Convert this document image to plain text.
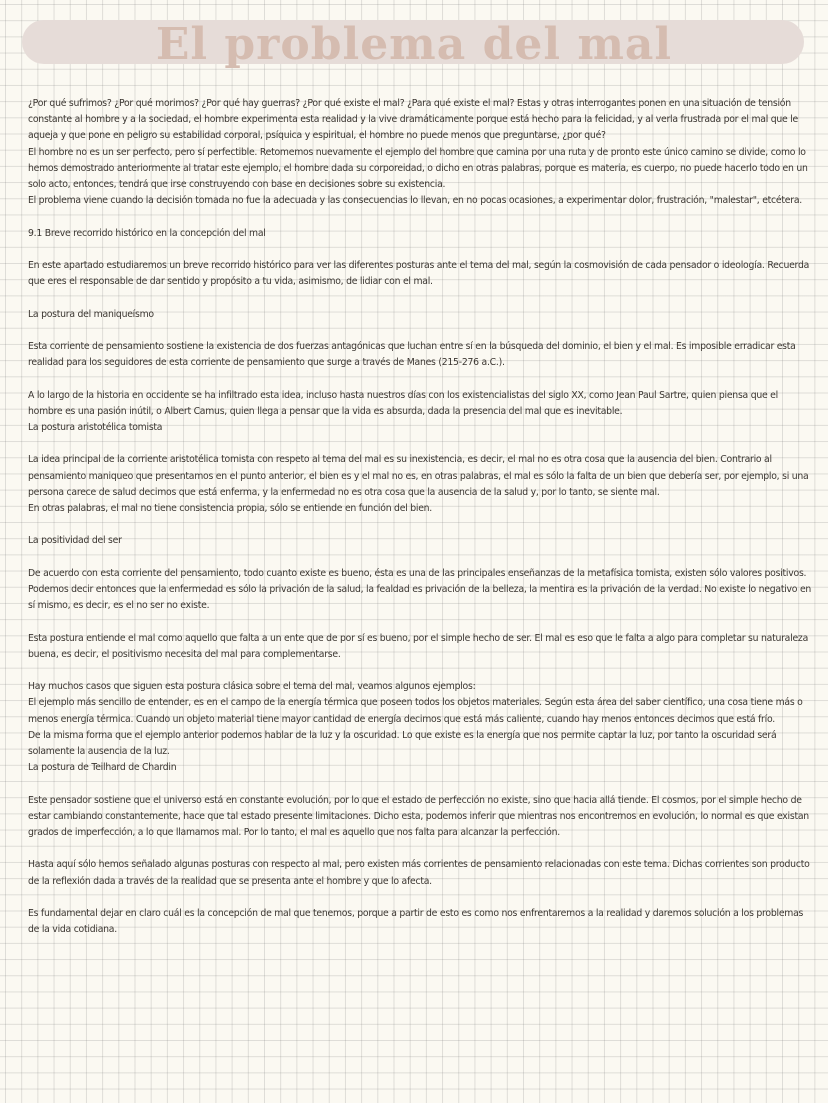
El problema del mal

¿Por qué sufrimos? ¿Por qué morimos? ¿Por qué hay guerras? ¿Por qué existe el mal? ¿Para qué existe el mal? Estas y otras interrogantes ponen en una situación de tensión constante al hombre y a la sociedad, el hombre experimenta esta realidad y la vive dramáticamente porque está hecho para la felicidad, y al verla frustrada por el mal que le aqueja y que pone en peligro su estabilidad corporal, psíquica y espiritual, el hombre no puede menos que preguntarse, ¿por qué?

El hombre no es un ser perfecto, pero sí perfectible. Retomemos nuevamente el ejemplo del hombre que camina por una ruta y de pronto este único camino se divide, como lo hemos demostrado anteriormente al tratar este ejemplo, el hombre dada su corporeidad, o dicho en otras palabras, porque es materia, es cuerpo, no puede hacerlo todo en un solo acto, entonces, tendrá que irse construyendo con base en decisiones sobre su existencia.

El problema viene cuando la decisión tomada no fue la adecuada y las consecuencias lo llevan, en no pocas ocasiones, a experimentar dolor, frustración, "malestar", etcétera.

9.1 Breve recorrido histórico en la concepción del mal

En este apartado estudiaremos un breve recorrido histórico para ver las diferentes posturas ante el tema del mal, según la cosmovisión de cada pensador o ideología. Recuerda que eres el responsable de dar sentido y propósito a tu vida, asimismo, de lidiar con el mal.

La postura del maniqueísmo

Esta corriente de pensamiento sostiene la existencia de dos fuerzas antagónicas que luchan entre sí en la búsqueda del dominio, el bien y el mal. Es imposible erradicar esta realidad para los seguidores de esta corriente de pensamiento que surge a través de Manes (215-276 a.C.).

A lo largo de la historia en occidente se ha infiltrado esta idea, incluso hasta nuestros días con los existencialistas del siglo XX, como Jean Paul Sartre, quien piensa que el hombre es una pasión inútil, o Albert Camus, quien llega a pensar que la vida es absurda, dada la presencia del mal que es inevitable.

La postura aristotélica tomista

La idea principal de la corriente aristotélica tomista con respeto al tema del mal es su inexistencia, es decir, el mal no es otra cosa que la ausencia del bien. Contrario al pensamiento maniqueo que presentamos en el punto anterior, el bien es y el mal no es, en otras palabras, el mal es sólo la falta de un bien que debería ser, por ejemplo, si una persona carece de salud decimos que está enferma, y la enfermedad no es otra cosa que la ausencia de la salud y, por lo tanto, se siente mal.

En otras palabras, el mal no tiene consistencia propia, sólo se entiende en función del bien.

La positividad del ser

De acuerdo con esta corriente del pensamiento, todo cuanto existe es bueno, ésta es una de las principales enseñanzas de la metafísica tomista, existen sólo valores positivos. Podemos decir entonces que la enfermedad es sólo la privación de la salud, la fealdad es privación de la belleza, la mentira es la privación de la verdad. No existe lo negativo en sí mismo, es decir, es el no ser no existe.

Esta postura entiende el mal como aquello que falta a un ente que de por sí es bueno, por el simple hecho de ser. El mal es eso que le falta a algo para completar su naturaleza buena, es decir, el positivismo necesita del mal para complementarse.

Hay muchos casos que siguen esta postura clásica sobre el tema del mal, veamos algunos ejemplos:

El ejemplo más sencillo de entender, es en el campo de la energía térmica que poseen todos los objetos materiales. Según esta área del saber científico, una cosa tiene más o menos energía térmica. Cuando un objeto material tiene mayor cantidad de energía decimos que está más caliente, cuando hay menos entonces decimos que está frío.

De la misma forma que el ejemplo anterior podemos hablar de la luz y la oscuridad. Lo que existe es la energía que nos permite captar la luz, por tanto la oscuridad será solamente la ausencia de la luz.

La postura de Teilhard de Chardin

Este pensador sostiene que el universo está en constante evolución, por lo que el estado de perfección no existe, sino que hacia allá tiende. El cosmos, por el simple hecho de estar cambiando constantemente, hace que tal estado presente limitaciones. Dicho esta, podemos inferir que mientras nos encontremos en evolución, lo normal es que existan grados de imperfección, a lo que llamamos mal. Por lo tanto, el mal es aquello que nos falta para alcanzar la perfección.

Hasta aquí sólo hemos señalado algunas posturas con respecto al mal, pero existen más corrientes de pensamiento relacionadas con este tema. Dichas corrientes son producto de la reflexión dada a través de la realidad que se presenta ante el hombre y que lo afecta.

Es fundamental dejar en claro cuál es la concepción de mal que tenemos, porque a partir de esto es como nos enfrentaremos a la realidad y daremos solución a los problemas de la vida cotidiana.
